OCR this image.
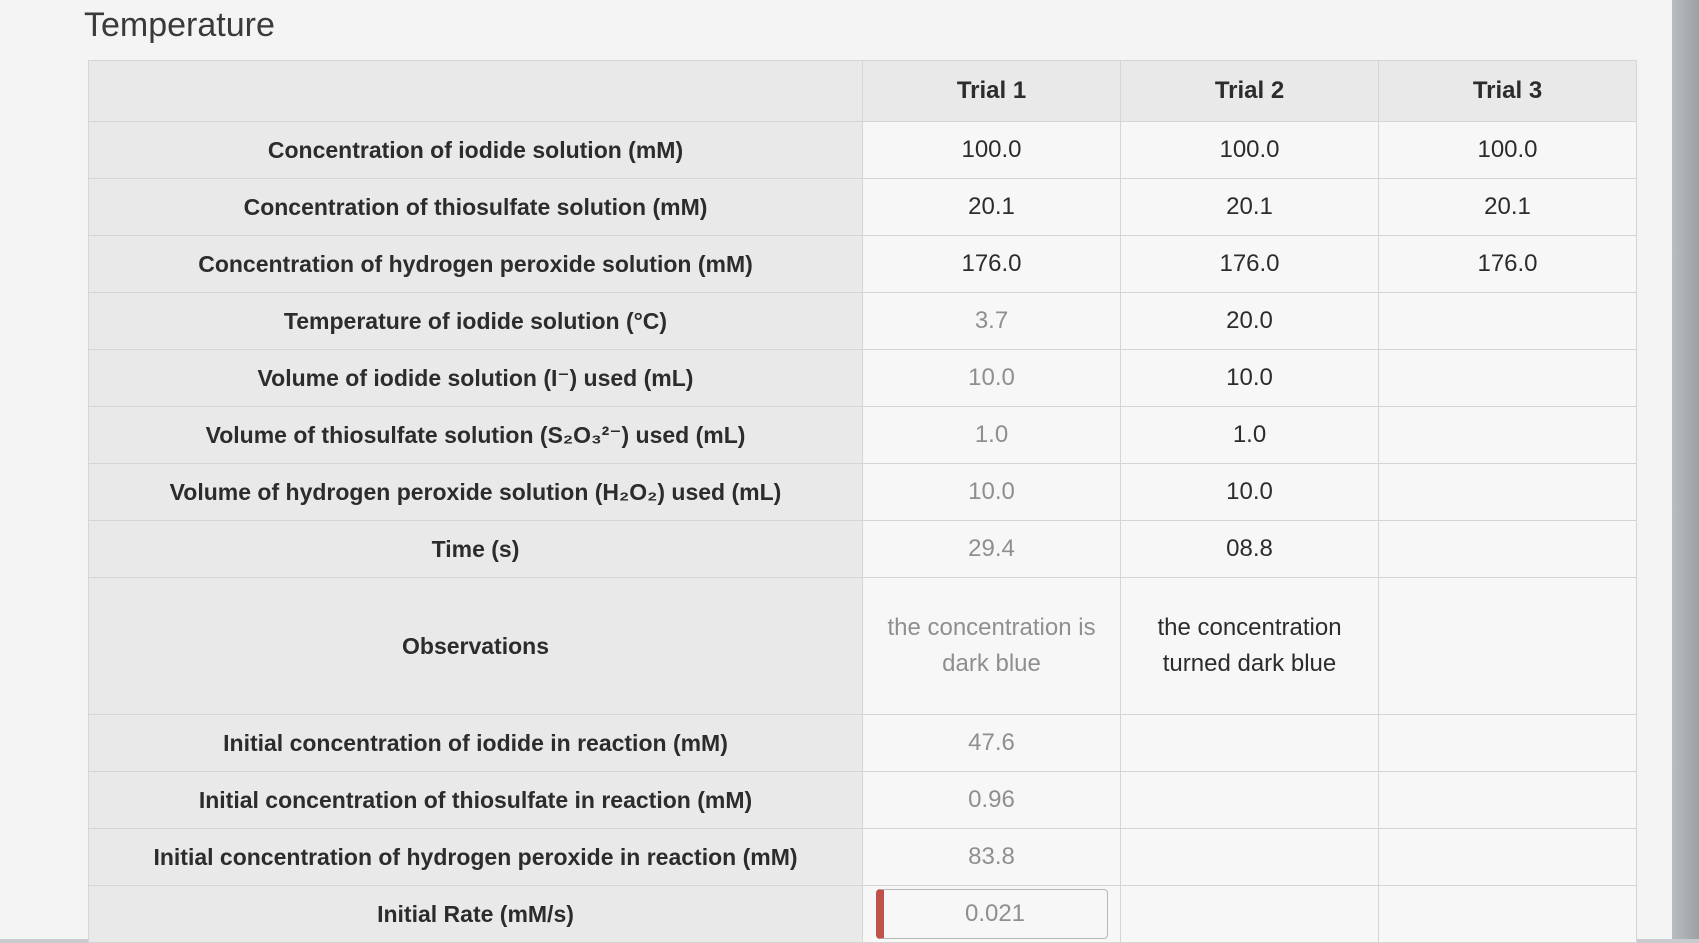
Temperature
	Trial 1	Trial 2	Trial 3
Concentration of iodide solution (mM)	100.0	100.0	100.0
Concentration of thiosulfate solution (mM)	20.1	20.1	20.1
Concentration of hydrogen peroxide solution (mM)	176.0	176.0	176.0
Temperature of iodide solution (°C)	3.7	20.0	
Volume of iodide solution (I⁻) used (mL)	10.0	10.0	
Volume of thiosulfate solution (S₂O₃²⁻) used (mL)	1.0	1.0	
Volume of hydrogen peroxide solution (H₂O₂) used (mL)	10.0	10.0	
Time (s)	29.4	08.8	
Observations	the concentration is dark blue	the concentration turned dark blue	
Initial concentration of iodide in reaction (mM)	47.6		
Initial concentration of thiosulfate in reaction (mM)	0.96		
Initial concentration of hydrogen peroxide in reaction (mM)	83.8		
Initial Rate (mM/s)	0.021		
